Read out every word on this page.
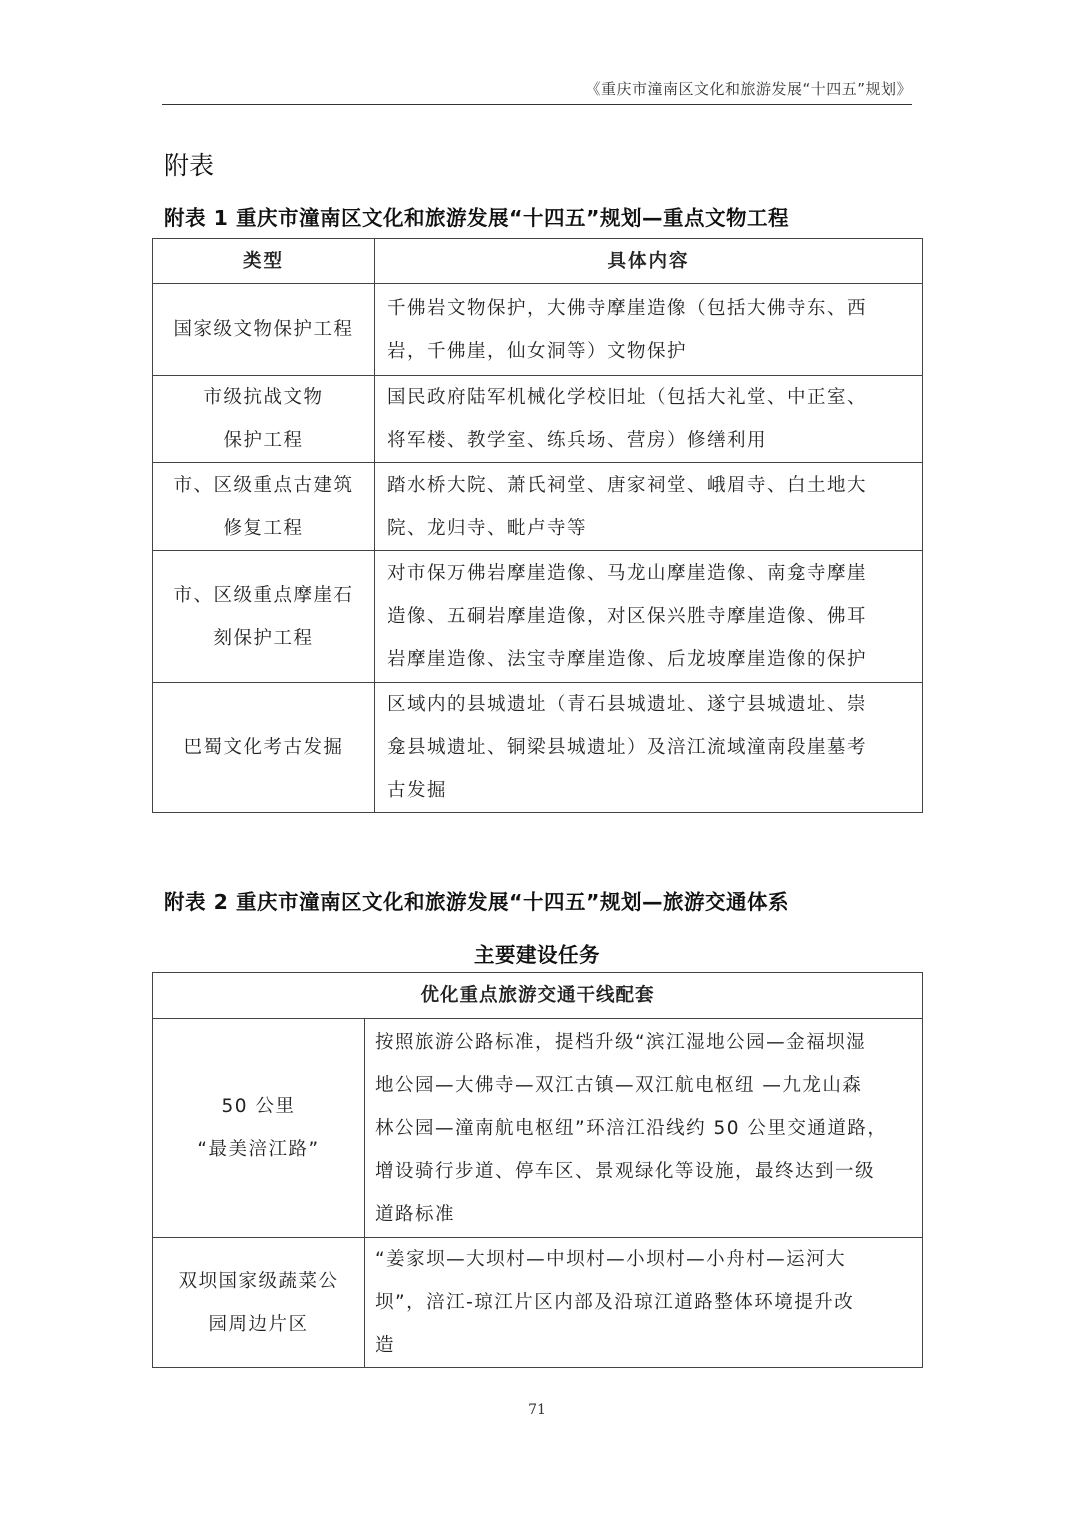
《重庆市潼南区文化和旅游发展“十四五”规划》
附表
附表 1 重庆市潼南区文化和旅游发展“十四五”规划—重点文物工程
类型	具体内容

国家级文物保护工程	千佛岩文物保护，大佛寺摩崖造像（包括大佛寺东、西
岩，千佛崖，仙女洞等）文物保护

市级抗战文物
保护工程	国民政府陆军机械化学校旧址（包括大礼堂、中正室、
将军楼、教学室、练兵场、营房）修缮利用

市、区级重点古建筑
修复工程	踏水桥大院、萧氏祠堂、唐家祠堂、峨眉寺、白土地大
院、龙归寺、毗卢寺等

市、区级重点摩崖石
刻保护工程	对市保万佛岩摩崖造像、马龙山摩崖造像、南龛寺摩崖
造像、五硐岩摩崖造像，对区保兴胜寺摩崖造像、佛耳
岩摩崖造像、法宝寺摩崖造像、后龙坡摩崖造像的保护

巴蜀文化考古发掘	区域内的县城遗址（青石县城遗址、遂宁县城遗址、崇
龛县城遗址、铜梁县城遗址）及涪江流域潼南段崖墓考
古发掘
附表 2 重庆市潼南区文化和旅游发展“十四五”规划—旅游交通体系
主要建设任务
优化重点旅游交通干线配套	

50 公里
“最美涪江路”	按照旅游公路标准，提档升级“滨江湿地公园—金福坝湿
地公园—大佛寺—双江古镇—双江航电枢纽 —九龙山森
林公园—潼南航电枢纽”环涪江沿线约 50 公里交通道路，
增设骑行步道、停车区、景观绿化等设施，最终达到一级
道路标准

双坝国家级蔬菜公
园周边片区	“姜家坝—大坝村—中坝村—小坝村—小舟村—运河大
坝”，涪江-琼江片区内部及沿琼江道路整体环境提升改
造
71
